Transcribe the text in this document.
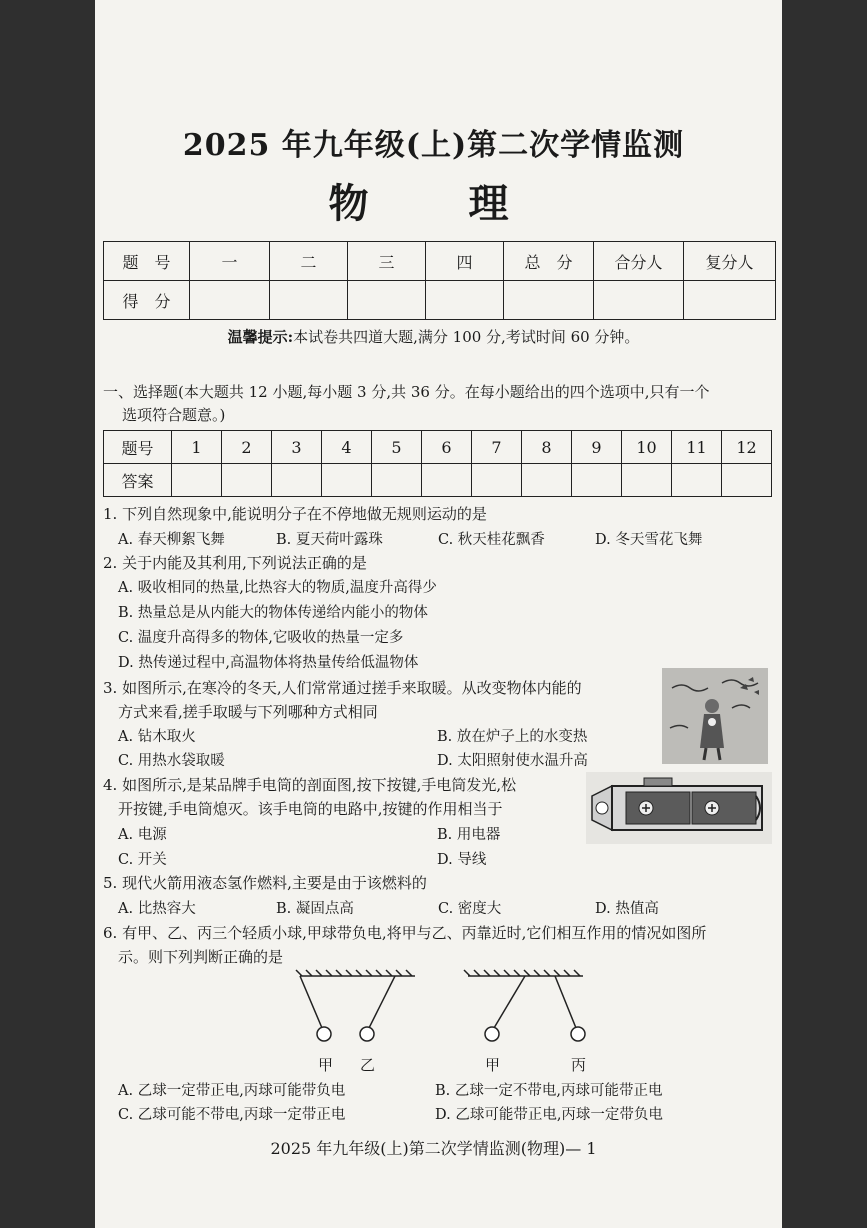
2025 年九年级(上)第二次学情监测
物　理
题　号	一	二	三	四	总　分	合分人	复分人
得　分							
温馨提示:本试卷共四道大题,满分 100 分,考试时间 60 分钟。
一、选择题(本大题共 12 小题,每小题 3 分,共 36 分。在每小题给出的四个选项中,只有一个
选项符合题意。)
题号	1	2	3	4	5	6	7	8	9	10	11	12
答案												
1. 下列自然现象中,能说明分子在不停地做无规则运动的是
A. 春天柳絮飞舞	B. 夏天荷叶露珠	C. 秋天桂花飘香	D. 冬天雪花飞舞
2. 关于内能及其利用,下列说法正确的是
A. 吸收相同的热量,比热容大的物质,温度升高得少
B. 热量总是从内能大的物体传递给内能小的物体
C. 温度升高得多的物体,它吸收的热量一定多
D. 热传递过程中,高温物体将热量传给低温物体
3. 如图所示,在寒冷的冬天,人们常常通过搓手来取暖。从改变物体内能的
方式来看,搓手取暖与下列哪种方式相同
A. 钻木取火	B. 放在炉子上的水变热
C. 用热水袋取暖	D. 太阳照射使水温升高
4. 如图所示,是某品牌手电筒的剖面图,按下按键,手电筒发光,松
开按键,手电筒熄灭。该手电筒的电路中,按键的作用相当于
A. 电源	B. 用电器
C. 开关	D. 导线
5. 现代火箭用液态氢作燃料,主要是由于该燃料的
A. 比热容大	B. 凝固点高	C. 密度大	D. 热值高
6. 有甲、乙、丙三个轻质小球,甲球带负电,将甲与乙、丙靠近时,它们相互作用的情况如图所
示。则下列判断正确的是
甲 乙	甲	丙
A. 乙球一定带正电,丙球可能带负电	B. 乙球一定不带电,丙球可能带正电
C. 乙球可能不带电,丙球一定带正电	D. 乙球可能带正电,丙球一定带负电
2025 年九年级(上)第二次学情监测(物理)— 1
